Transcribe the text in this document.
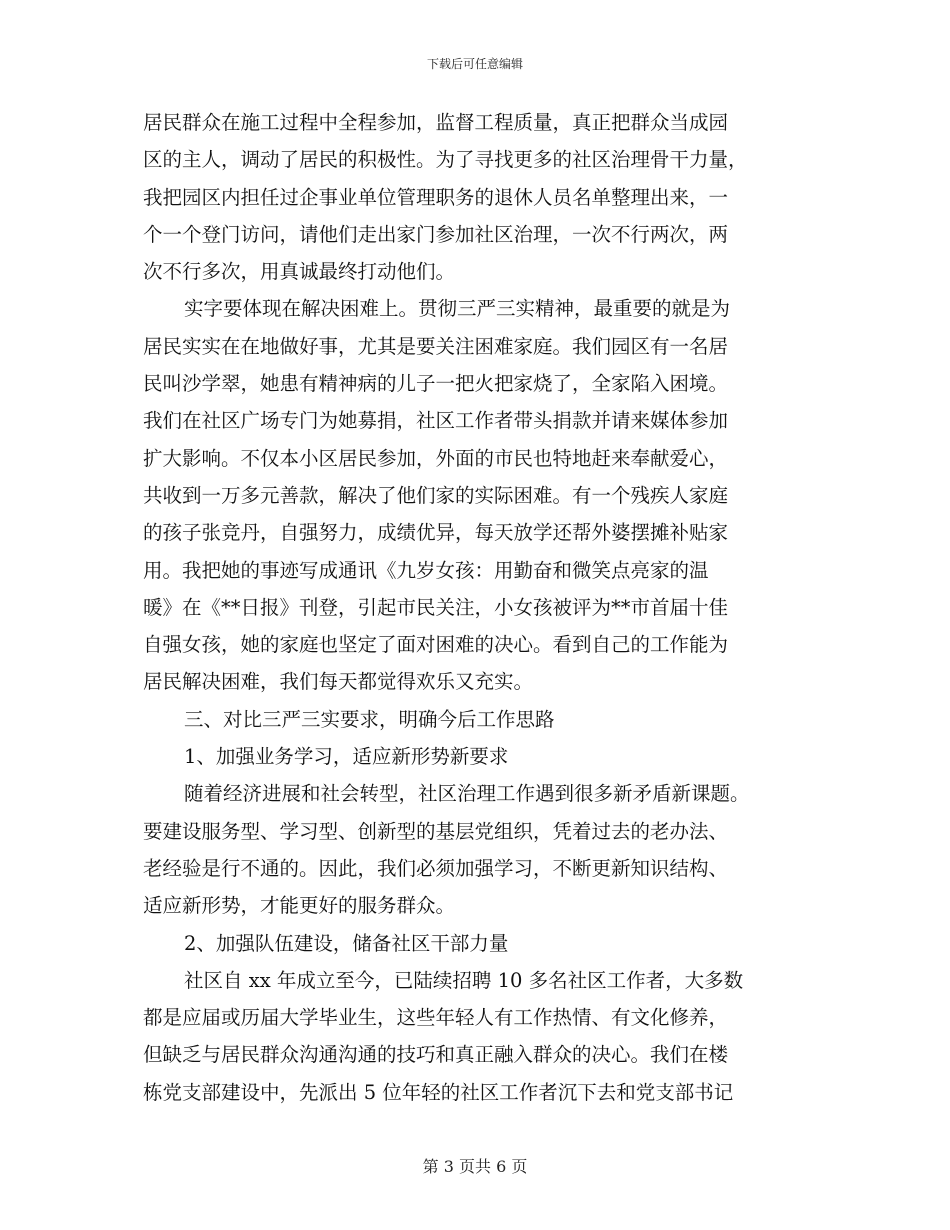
下载后可任意编辑
居民群众在施工过程中全程参加，监督工程质量，真正把群众当成园
区的主人，调动了居民的积极性。为了寻找更多的社区治理骨干力量，
我把园区内担任过企事业单位管理职务的退休人员名单整理出来，一
个一个登门访问，请他们走出家门参加社区治理，一次不行两次，两
次不行多次，用真诚最终打动他们。
实字要体现在解决困难上。贯彻三严三实精神，最重要的就是为
居民实实在在地做好事，尤其是要关注困难家庭。我们园区有一名居
民叫沙学翠，她患有精神病的儿子一把火把家烧了，全家陷入困境。
我们在社区广场专门为她募捐，社区工作者带头捐款并请来媒体参加
扩大影响。不仅本小区居民参加，外面的市民也特地赶来奉献爱心，
共收到一万多元善款，解决了他们家的实际困难。有一个残疾人家庭
的孩子张竞丹，自强努力，成绩优异，每天放学还帮外婆摆摊补贴家
用。我把她的事迹写成通讯《九岁女孩：用勤奋和微笑点亮家的温
暖》在《**日报》刊登，引起市民关注，小女孩被评为**市首届十佳
自强女孩，她的家庭也坚定了面对困难的决心。看到自己的工作能为
居民解决困难，我们每天都觉得欢乐又充实。
三、对比三严三实要求，明确今后工作思路
1、加强业务学习，适应新形势新要求
随着经济进展和社会转型，社区治理工作遇到很多新矛盾新课题。
要建设服务型、学习型、创新型的基层党组织，凭着过去的老办法、
老经验是行不通的。因此，我们必须加强学习，不断更新知识结构、
适应新形势，才能更好的服务群众。
2、加强队伍建设，储备社区干部力量
社区自 xx 年成立至今，已陆续招聘 10 多名社区工作者，大多数
都是应届或历届大学毕业生，这些年轻人有工作热情、有文化修养，
但缺乏与居民群众沟通沟通的技巧和真正融入群众的决心。我们在楼
栋党支部建设中，先派出 5 位年轻的社区工作者沉下去和党支部书记
第 3 页共 6 页
